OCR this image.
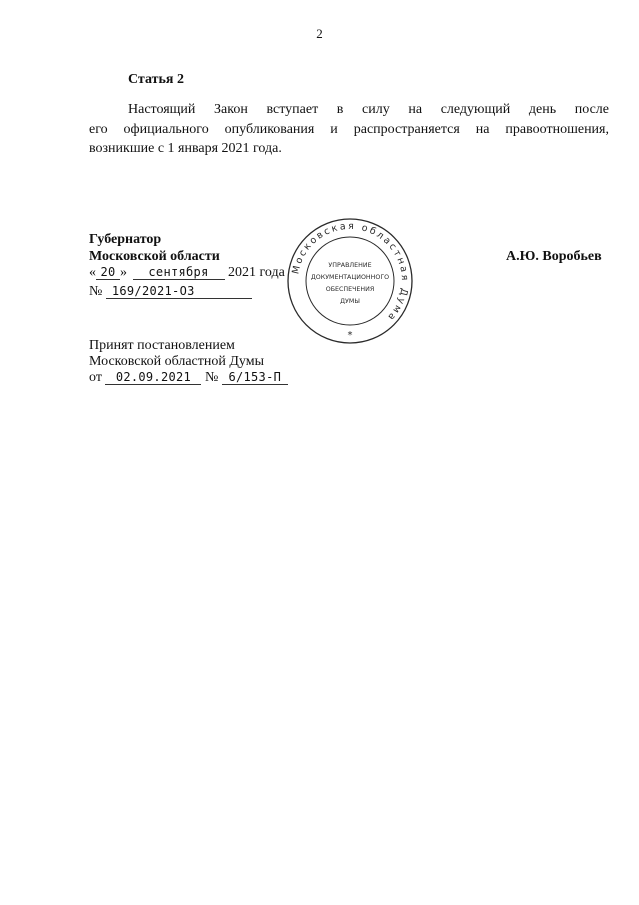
2
Статья 2
Настоящий Закон вступает в силу на следующий день после
его официального опубликования и распространяется на правоотношения,
возникшие с 1 января 2021 года.
Губернатор
Московской области	А.Ю. Воробьев
« 20 » сентября 2021 года
№ 169/2021-ОЗ
Принят постановлением
Московской областной Думы
от 02.09.2021 № 6/153-П
Московская областная Дума
УПРАВЛЕНИЕ
ДОКУМЕНТАЦИОННОГО
ОБЕСПЕЧЕНИЯ
ДУМЫ
*
